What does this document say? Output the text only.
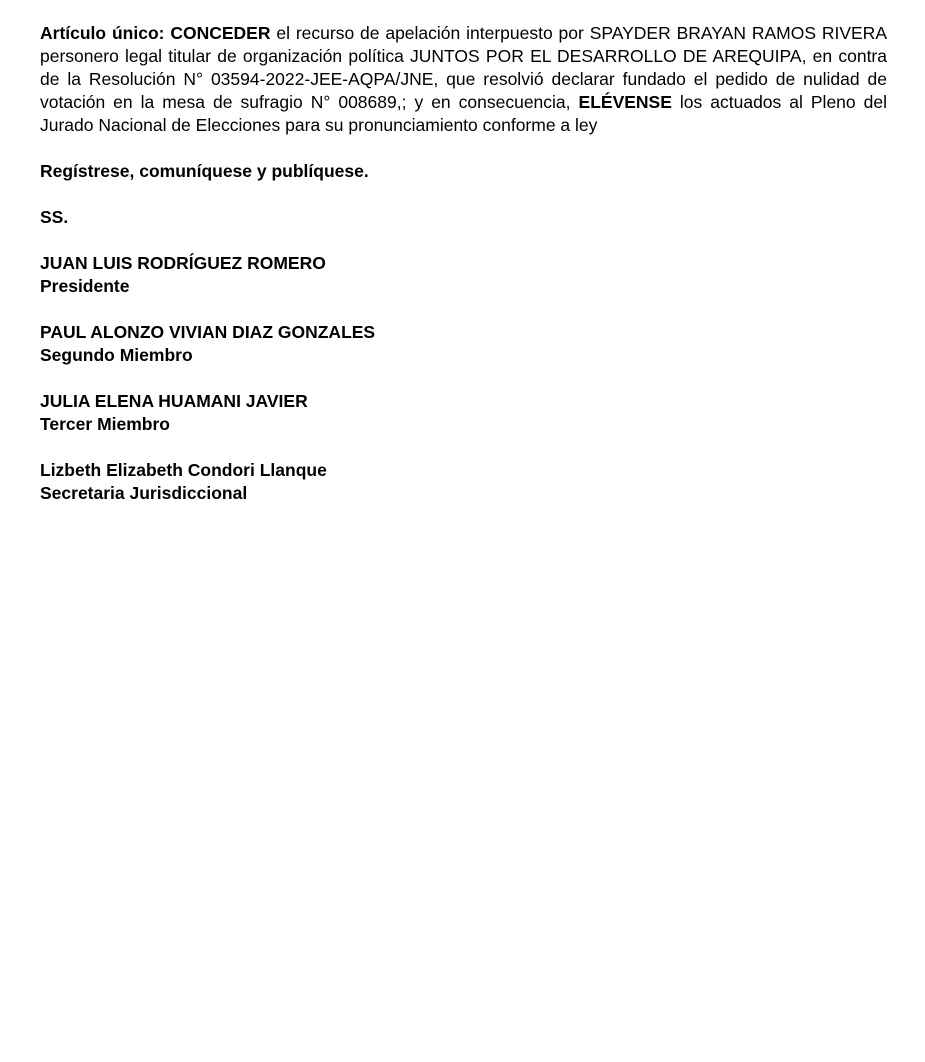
Artículo único: CONCEDER el recurso de apelación interpuesto por SPAYDER BRAYAN RAMOS RIVERA personero legal titular de organización política JUNTOS POR EL DESARROLLO DE AREQUIPA, en contra de la Resolución N° 03594-2022-JEE-AQPA/JNE, que resolvió declarar fundado el pedido de nulidad de votación en la mesa de sufragio N° 008689,; y en consecuencia, ELÉVENSE los actuados al Pleno del Jurado Nacional de Elecciones para su pronunciamiento conforme a ley

Regístrese, comuníquese y publíquese.

SS.

JUAN LUIS RODRÍGUEZ ROMERO
Presidente
PAUL ALONZO VIVIAN DIAZ GONZALES
Segundo Miembro
JULIA ELENA HUAMANI JAVIER
Tercer Miembro
Lizbeth Elizabeth Condori Llanque
Secretaria Jurisdiccional
